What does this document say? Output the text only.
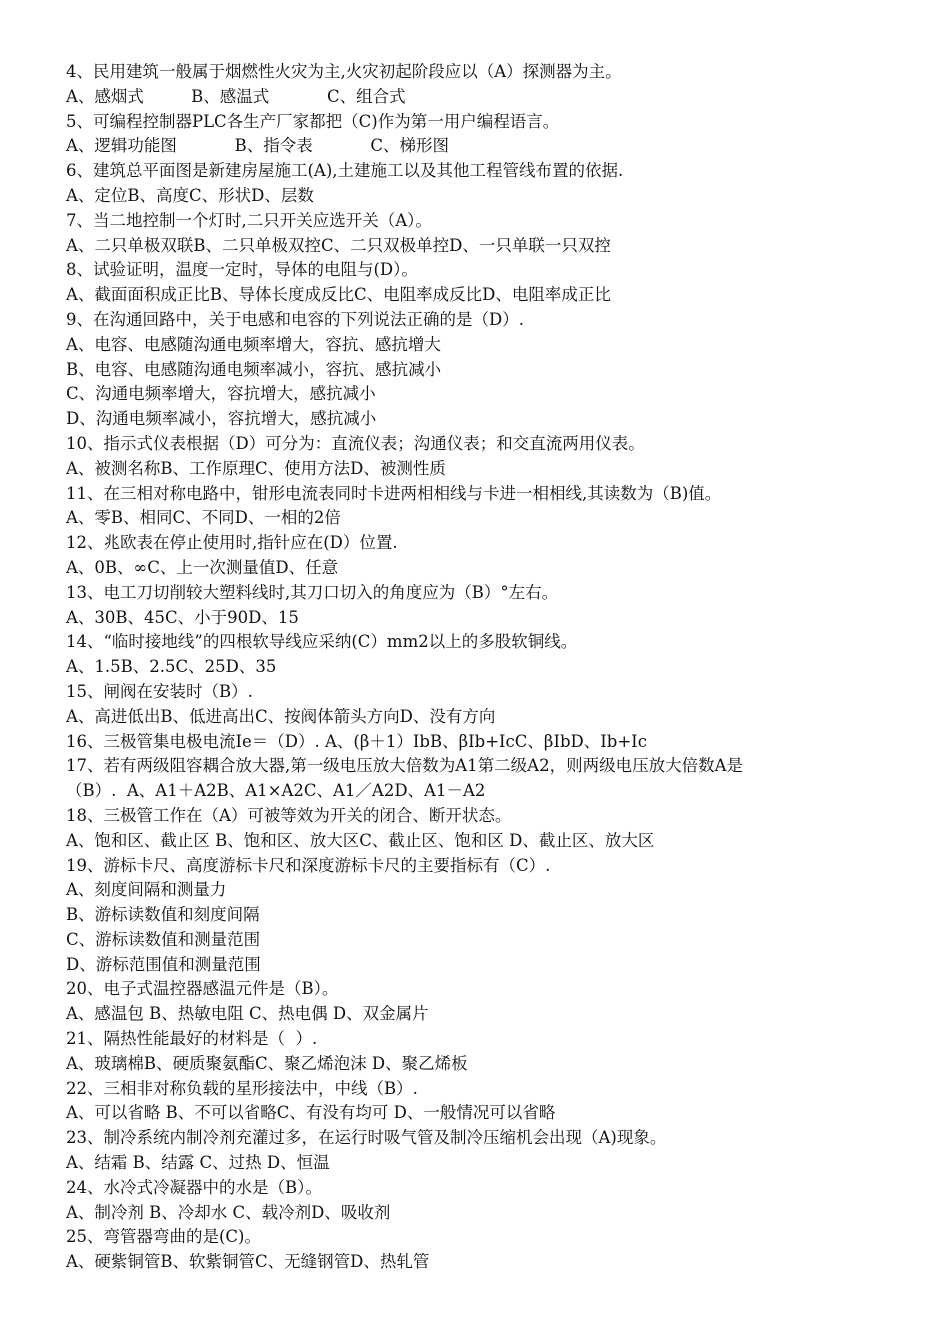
4、民用建筑一般属于烟燃性火灾为主,火灾初起阶段应以（A）探测器为主。
A、感烟式         B、感温式           C、组合式
5、可编程控制器PLC各生产厂家都把（C)作为第一用户编程语言。
A、逻辑功能图           B、指令表           C、梯形图
6、建筑总平面图是新建房屋施工(A),土建施工以及其他工程管线布置的依据.
A、定位B、高度C、形状D、层数
7、当二地控制一个灯时,二只开关应选开关（A）。
A、二只单极双联B、二只单极双控C、二只双极单控D、一只单联一只双控
8、试验证明，温度一定时，导体的电阻与(D）。
A、截面面积成正比B、导体长度成反比C、电阻率成反比D、电阻率成正比
9、在沟通回路中，关于电感和电容的下列说法正确的是（D）.
A、电容、电感随沟通电频率增大，容抗、感抗增大
B、电容、电感随沟通电频率减小，容抗、感抗减小
C、沟通电频率增大，容抗增大，感抗减小
D、沟通电频率减小，容抗增大，感抗减小
10、指示式仪表根据（D）可分为：直流仪表；沟通仪表；和交直流两用仪表。
A、被测名称B、工作原理C、使用方法D、被测性质
11、在三相对称电路中，钳形电流表同时卡进两相相线与卡进一相相线,其读数为（B)值。
A、零B、相同C、不同D、一相的2倍
12、兆欧表在停止使用时,指针应在(D）位置.
A、0B、∞C、上一次测量值D、任意
13、电工刀切削较大塑料线时,其刀口切入的角度应为（B）°左右。
A、30B、45C、小于90D、15
14、“临时接地线”的四根软导线应采纳(C）mm2以上的多股软铜线。
A、1.5B、2.5C、25D、35
15、闸阀在安装时（B）.
A、高进低出B、低进高出C、按阀体箭头方向D、没有方向
16、三极管集电极电流Ie＝（D）. A、(β＋1）IbB、βIb+IcC、βIbD、Ib+Ic
17、若有两级阻容耦合放大器,第一级电压放大倍数为A1第二级A2，则两级电压放大倍数A是
（B）.  A、A1＋A2B、A1×A2C、A1／A2D、A1－A2
18、三极管工作在（A）可被等效为开关的闭合、断开状态。
A、饱和区、截止区 B、饱和区、放大区C、截止区、饱和区 D、截止区、放大区
19、游标卡尺、高度游标卡尺和深度游标卡尺的主要指标有（C）.
A、刻度间隔和测量力
B、游标读数值和刻度间隔
C、游标读数值和测量范围
D、游标范围值和测量范围
20、电子式温控器感温元件是（B）。
A、感温包 B、热敏电阻 C、热电偶 D、双金属片
21、隔热性能最好的材料是（  ）.
A、玻璃棉B、硬质聚氨酯C、聚乙烯泡沫 D、聚乙烯板
22、三相非对称负载的星形接法中，中线（B）.
A、可以省略 B、不可以省略C、有没有均可 D、一般情况可以省略
23、制冷系统内制冷剂充灌过多，在运行时吸气管及制冷压缩机会出现（A)现象。
A、结霜 B、结露 C、过热 D、恒温
24、水冷式冷凝器中的水是（B）。
A、制冷剂 B、冷却水 C、载冷剂D、吸收剂
25、弯管器弯曲的是(C)。
A、硬紫铜管B、软紫铜管C、无缝钢管D、热轧管
